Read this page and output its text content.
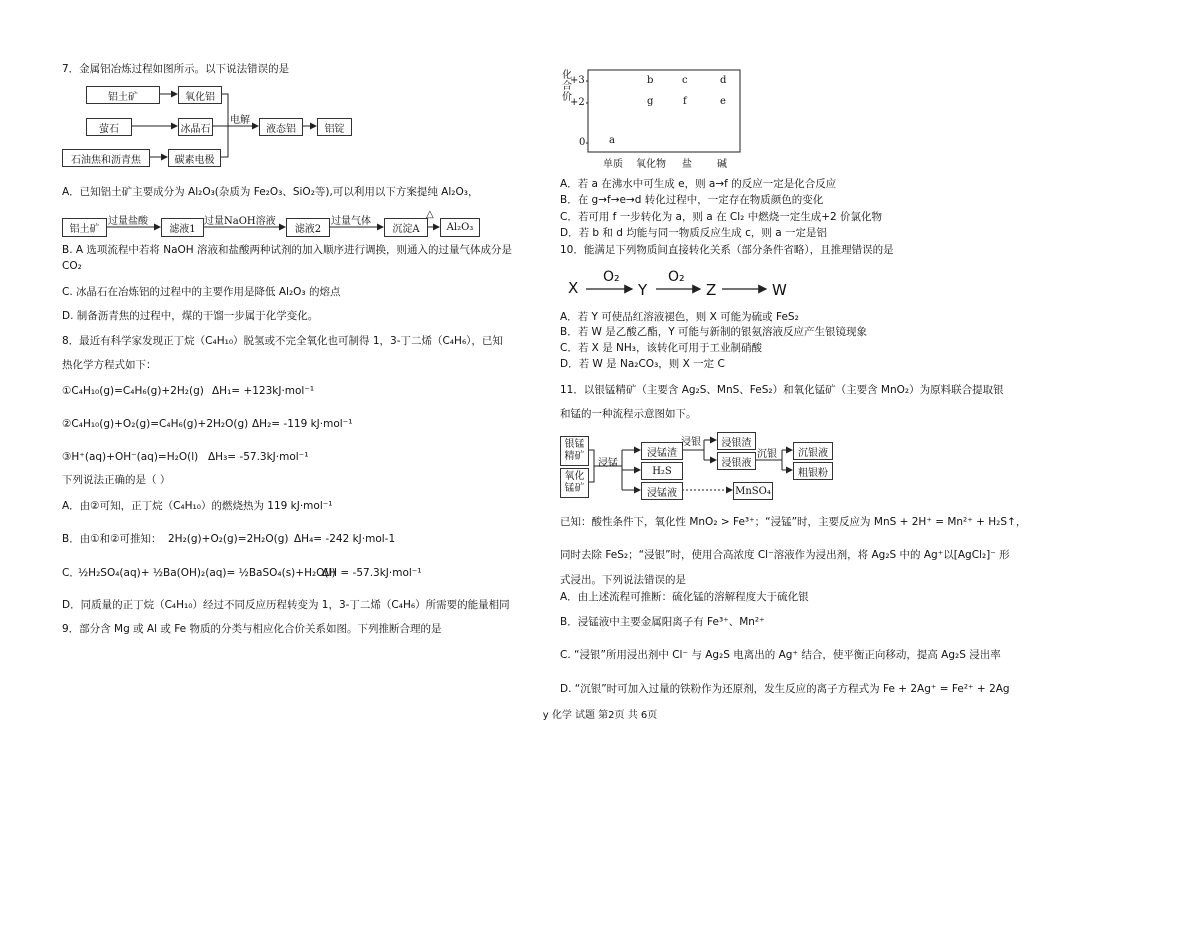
7．金属铝冶炼过程如图所示。以下说法错误的是
铝土矿	氧化铝
萤石	冰晶石
石油焦和沥青焦	碳素电极
电解
液态铝	铝锭
A．已知铝土矿主要成分为 Al₂O₃(杂质为 Fe₂O₃、SiO₂等),可以利用以下方案提纯 Al₂O₃，
铝土矿
过量盐酸
滤液1
过量NaOH溶液
滤液2
过量气体
沉淀A
△
Al₂O₃
B. A 选项流程中若将 NaOH 溶液和盐酸两种试剂的加入顺序进行调换，则通入的过量气体成分是
CO₂
C. 冰晶石在冶炼铝的过程中的主要作用是降低 Al₂O₃ 的熔点
D. 制备沥青焦的过程中，煤的干馏一步属于化学变化。
8．最近有科学家发现正丁烷（C₄H₁₀）脱氢或不完全氧化也可制得 1，3-丁二烯（C₄H₆），已知
热化学方程式如下：
①C₄H₁₀(g)=C₄H₆(g)+2H₂(g) ΔH₁= +123kJ·mol⁻¹
②C₄H₁₀(g)+O₂(g)=C₄H₆(g)+2H₂O(g) ΔH₂= -119 kJ·mol⁻¹
③H⁺(aq)+OH⁻(aq)=H₂O(l) ΔH₃= -57.3kJ·mol⁻¹
下列说法正确的是（ ）
A．由②可知，正丁烷（C₄H₁₀）的燃烧热为 119 kJ·mol⁻¹
B．由①和②可推知： 2H₂(g)+O₂(g)=2H₂O(g) ΔH₄= -242 kJ·mol-1
C．
½H₂SO₄(aq)+ ½Ba(OH)₂(aq)= ½BaSO₄(s)+H₂O(l)
ΔH = -57.3kJ·mol⁻¹
D．同质量的正丁烷（C₄H₁₀）经过不同反应历程转变为 1，3-丁二烯（C₄H₆）所需要的能量相同
9．部分含 Mg 或 Al 或 Fe 物质的分类与相应化合价关系如图。下列推断合理的是
化合价
+3
+2
0 a
b	c	d
g	f	e
单质 氧化物 盐	碱
A．若 a 在沸水中可生成 e，则 a→f 的反应一定是化合反应
B．在 g→f→e→d 转化过程中，一定存在物质颜色的变化
C．若可用 f 一步转化为 a，则 a 在 Cl₂ 中燃烧一定生成+2 价氯化物
D．若 b 和 d 均能与同一物质反应生成 c，则 a 一定是铝
10．能满足下列物质间直接转化关系（部分条件省略），且推理错误的是
X
O₂
Y
O₂
Z	W
A．若 Y 可使品红溶液褪色，则 X 可能为硫或 FeS₂
B．若 W 是乙酸乙酯，Y 可能与新制的银氨溶液反应产生银镜现象
C．若 X 是 NH₃，该转化可用于工业制硝酸
D．若 W 是 Na₂CO₃，则 X 一定 C
11．以银锰精矿（主要含 Ag₂S、MnS、FeS₂）和氧化锰矿（主要含 MnO₂）为原料联合提取银
和锰的一种流程示意图如下。
银锰精矿
氧化锰矿
浸锰
浸锰渣
H₂S
浸锰液	MnSO₄
浸银	浸银渣
浸银液
沉银	沉银液
粗银粉
已知：酸性条件下，氧化性 MnO₂ > Fe³⁺；“浸锰”时，主要反应为 MnS + 2H⁺ = Mn²⁺ + H₂S↑，
同时去除 FeS₂；“浸银”时，使用合高浓度 Cl⁻溶液作为浸出剂，将 Ag₂S 中的 Ag⁺以[AgCl₂]⁻ 形
式浸出。下列说法错误的是
A．由上述流程可推断：硫化锰的溶解程度大于硫化银
B．浸锰液中主要金属阳离子有 Fe³⁺、Mn²⁺
C. “浸银”所用浸出剂中 Cl⁻ 与 Ag₂S 电离出的 Ag⁺ 结合，使平衡正向移动，提高 Ag₂S 浸出率
D. “沉银”时可加入过量的铁粉作为还原剂，发生反应的离子方程式为 Fe + 2Ag⁺ = Fe²⁺ + 2Ag
y 化学 试题 第2页 共 6页
